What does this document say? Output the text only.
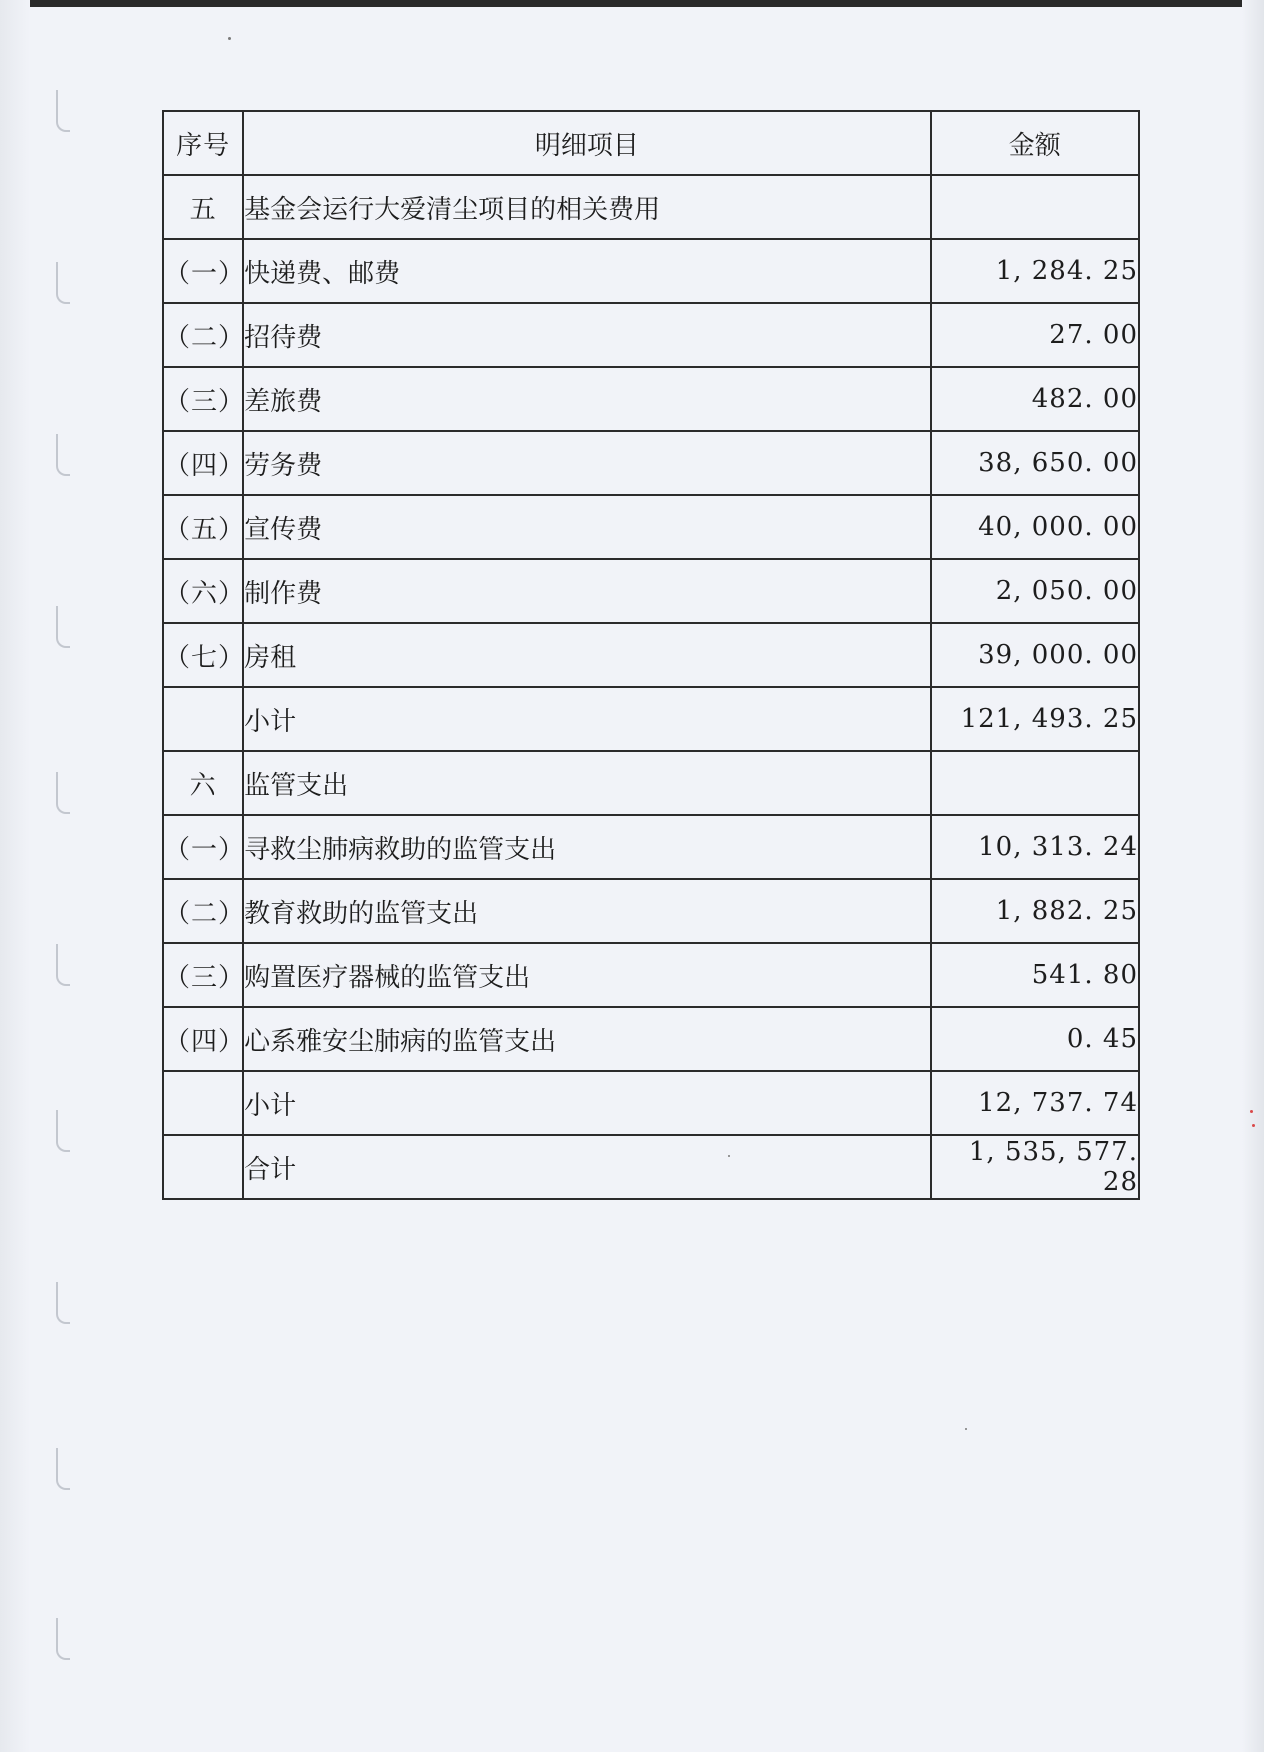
序号	明细项目	金额
五	基金会运行大爱清尘项目的相关费用	
（一）	快递费、邮费	1, 284. 25
（二）	招待费	27. 00
（三）	差旅费	482. 00
（四）	劳务费	38, 650. 00
（五）	宣传费	40, 000. 00
（六）	制作费	2, 050. 00
（七）	房租	39, 000. 00
	小计	121, 493. 25
六	监管支出	
（一）	寻救尘肺病救助的监管支出	10, 313. 24
（二）	教育救助的监管支出	1, 882. 25
（三）	购置医疗器械的监管支出	541. 80
（四）	心系雅安尘肺病的监管支出	0. 45
	小计	12, 737. 74
	合计	1, 535, 577. 28
